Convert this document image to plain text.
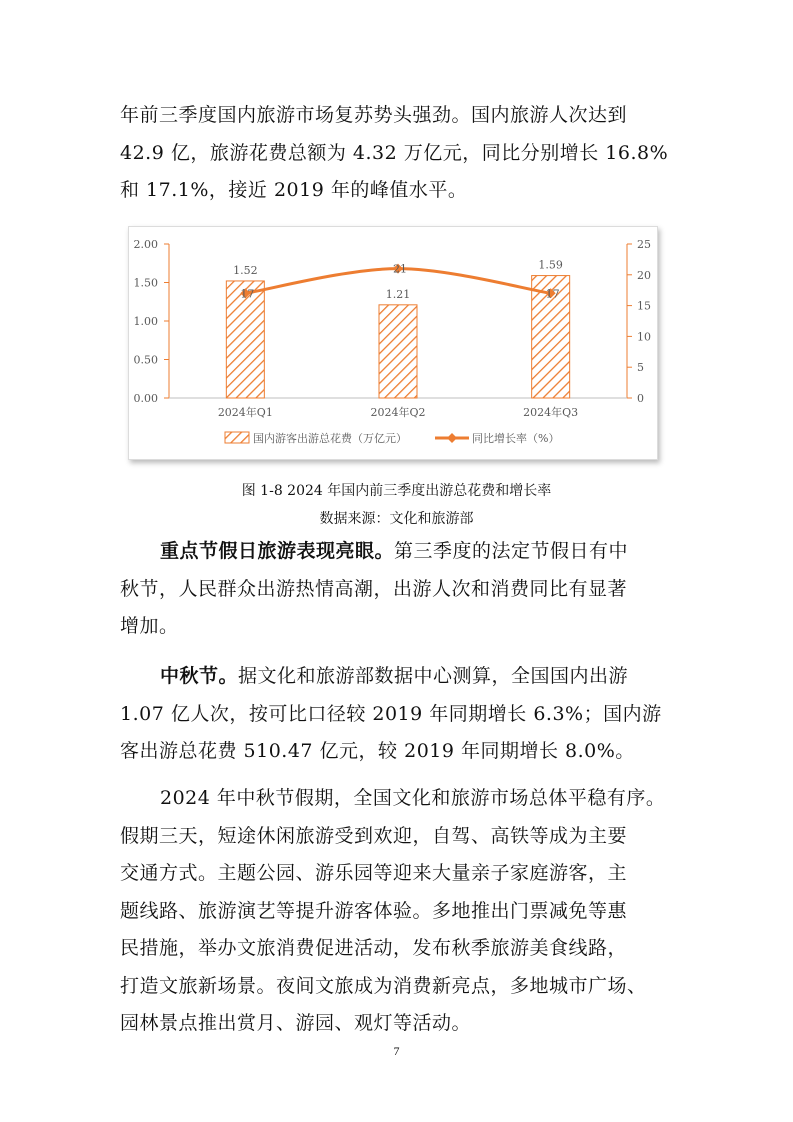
年前三季度国内旅游市场复苏势头强劲。国内旅游人次达到
42.9 亿，旅游花费总额为 4.32 万亿元，同比分别增长 16.8%
和 17.1%，接近 2019 年的峰值水平。
0.00
0.50
1.00
1.50
2.00
0
5
10
15
20
25
1.52
1.21
1.59
2024年Q1	2024年Q2	2024年Q3
17
21
17
国内游客出游总花费（万亿元）	同比增长率（%）
图 1-8 2024 年国内前三季度出游总花费和增长率
数据来源：文化和旅游部
重点节假日旅游表现亮眼。第三季度的法定节假日有中
秋节，人民群众出游热情高潮，出游人次和消费同比有显著
增加。
中秋节。据文化和旅游部数据中心测算，全国国内出游
1.07 亿人次，按可比口径较 2019 年同期增长 6.3%；国内游
客出游总花费 510.47 亿元，较 2019 年同期增长 8.0%。
2024 年中秋节假期，全国文化和旅游市场总体平稳有序。
假期三天，短途休闲旅游受到欢迎，自驾、高铁等成为主要
交通方式。主题公园、游乐园等迎来大量亲子家庭游客，主
题线路、旅游演艺等提升游客体验。多地推出门票减免等惠
民措施，举办文旅消费促进活动，发布秋季旅游美食线路，
打造文旅新场景。夜间文旅成为消费新亮点，多地城市广场、
园林景点推出赏月、游园、观灯等活动。
7
